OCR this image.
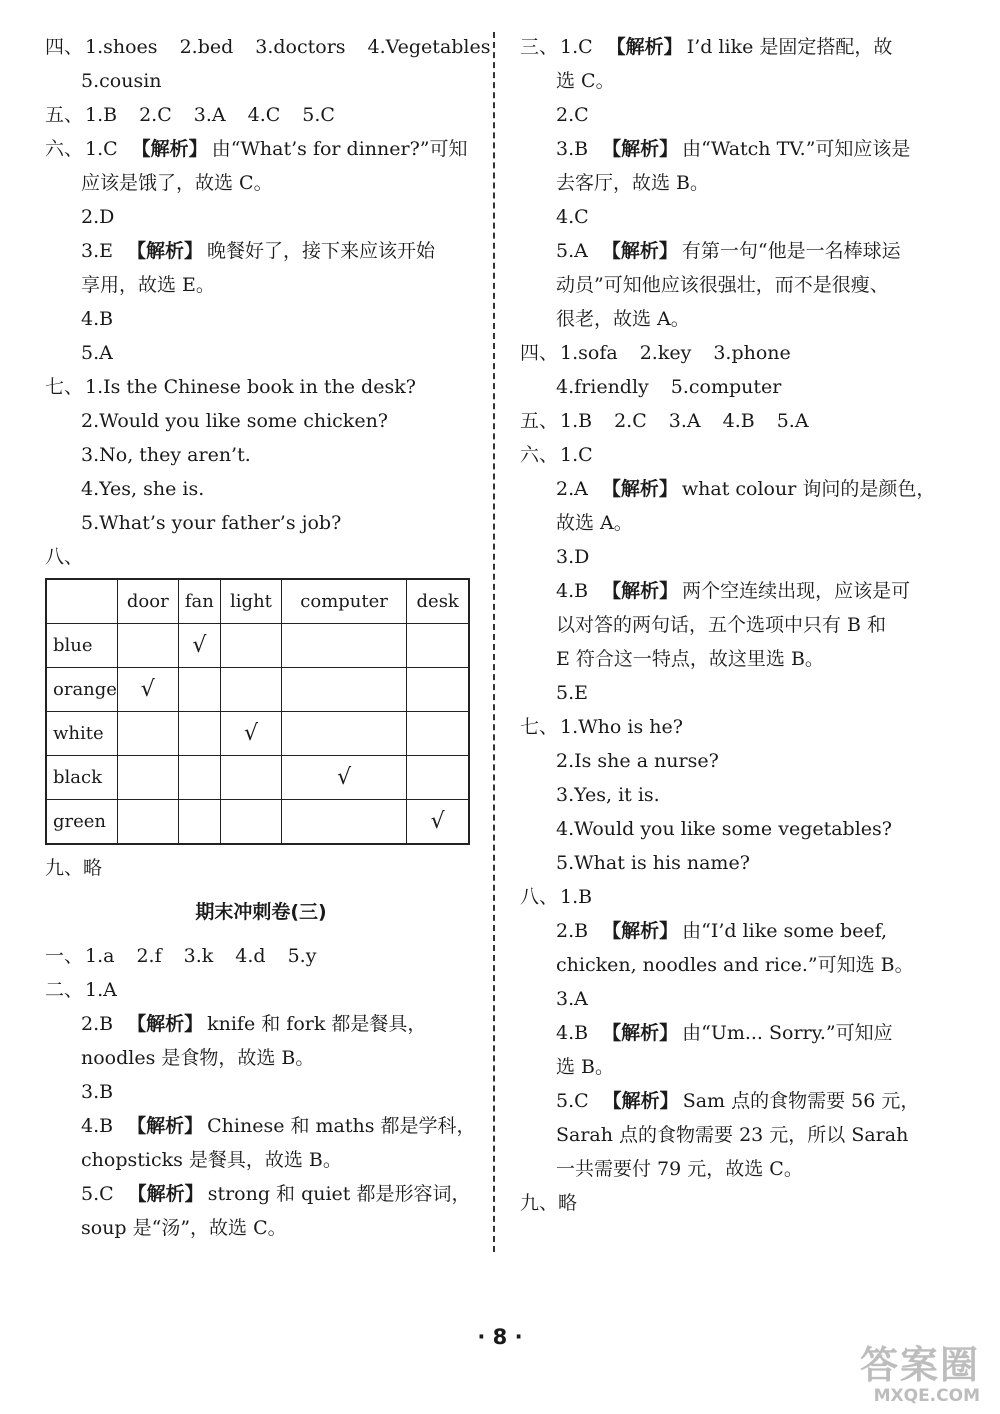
四、 1.shoes 2.bed 3.doctors 4.Vegetables
5.cousin
五、 1.B 2.C 3.A 4.C 5.C
六、 1.C 【解析】 由“What’s for dinner?”可知
应该是饿了，故选 C。
2.D
3.E 【解析】 晚餐好了，接下来应该开始
享用，故选 E。
4.B
5.A
七、 1.Is the Chinese book in the desk?
2.Would you like some chicken?
3.No, they aren’t.
4.Yes, she is.
5.What’s your father’s job?
八、
	door	fan	light	computer	desk
blue		√			
orange	√				
white			√		
black				√	
green					√
九、略
期末冲刺卷(三)
一、 1.a 2.f 3.k 4.d 5.y
二、 1.A
2.B 【解析】 knife 和 fork 都是餐具，
noodles 是食物，故选 B。
3.B
4.B 【解析】 Chinese 和 maths 都是学科，
chopsticks 是餐具，故选 B。
5.C 【解析】 strong 和 quiet 都是形容词，
soup 是“汤”，故选 C。
三、 1.C 【解析】 I’d like 是固定搭配，故
选 C。
2.C
3.B 【解析】 由“Watch TV.”可知应该是
去客厅，故选 B。
4.C
5.A 【解析】 有第一句“他是一名棒球运
动员”可知他应该很强壮，而不是很瘦、
很老，故选 A。
四、 1.sofa 2.key 3.phone
4.friendly 5.computer
五、 1.B 2.C 3.A 4.B 5.A
六、 1.C
2.A 【解析】 what colour 询问的是颜色，
故选 A。
3.D
4.B 【解析】 两个空连续出现，应该是可
以对答的两句话，五个选项中只有 B 和
E 符合这一特点，故这里选 B。
5.E
七、 1.Who is he?
2.Is she a nurse?
3.Yes, it is.
4.Would you like some vegetables?
5.What is his name?
八、 1.B
2.B 【解析】 由“I’d like some beef,
chicken, noodles and rice.”可知选 B。
3.A
4.B 【解析】 由“Um... Sorry.”可知应
选 B。
5.C 【解析】 Sam 点的食物需要 56 元，
Sarah 点的食物需要 23 元，所以 Sarah
一共需要付 79 元，故选 C。
九、略
· 8 ·
答案圈
MXQE.COM
